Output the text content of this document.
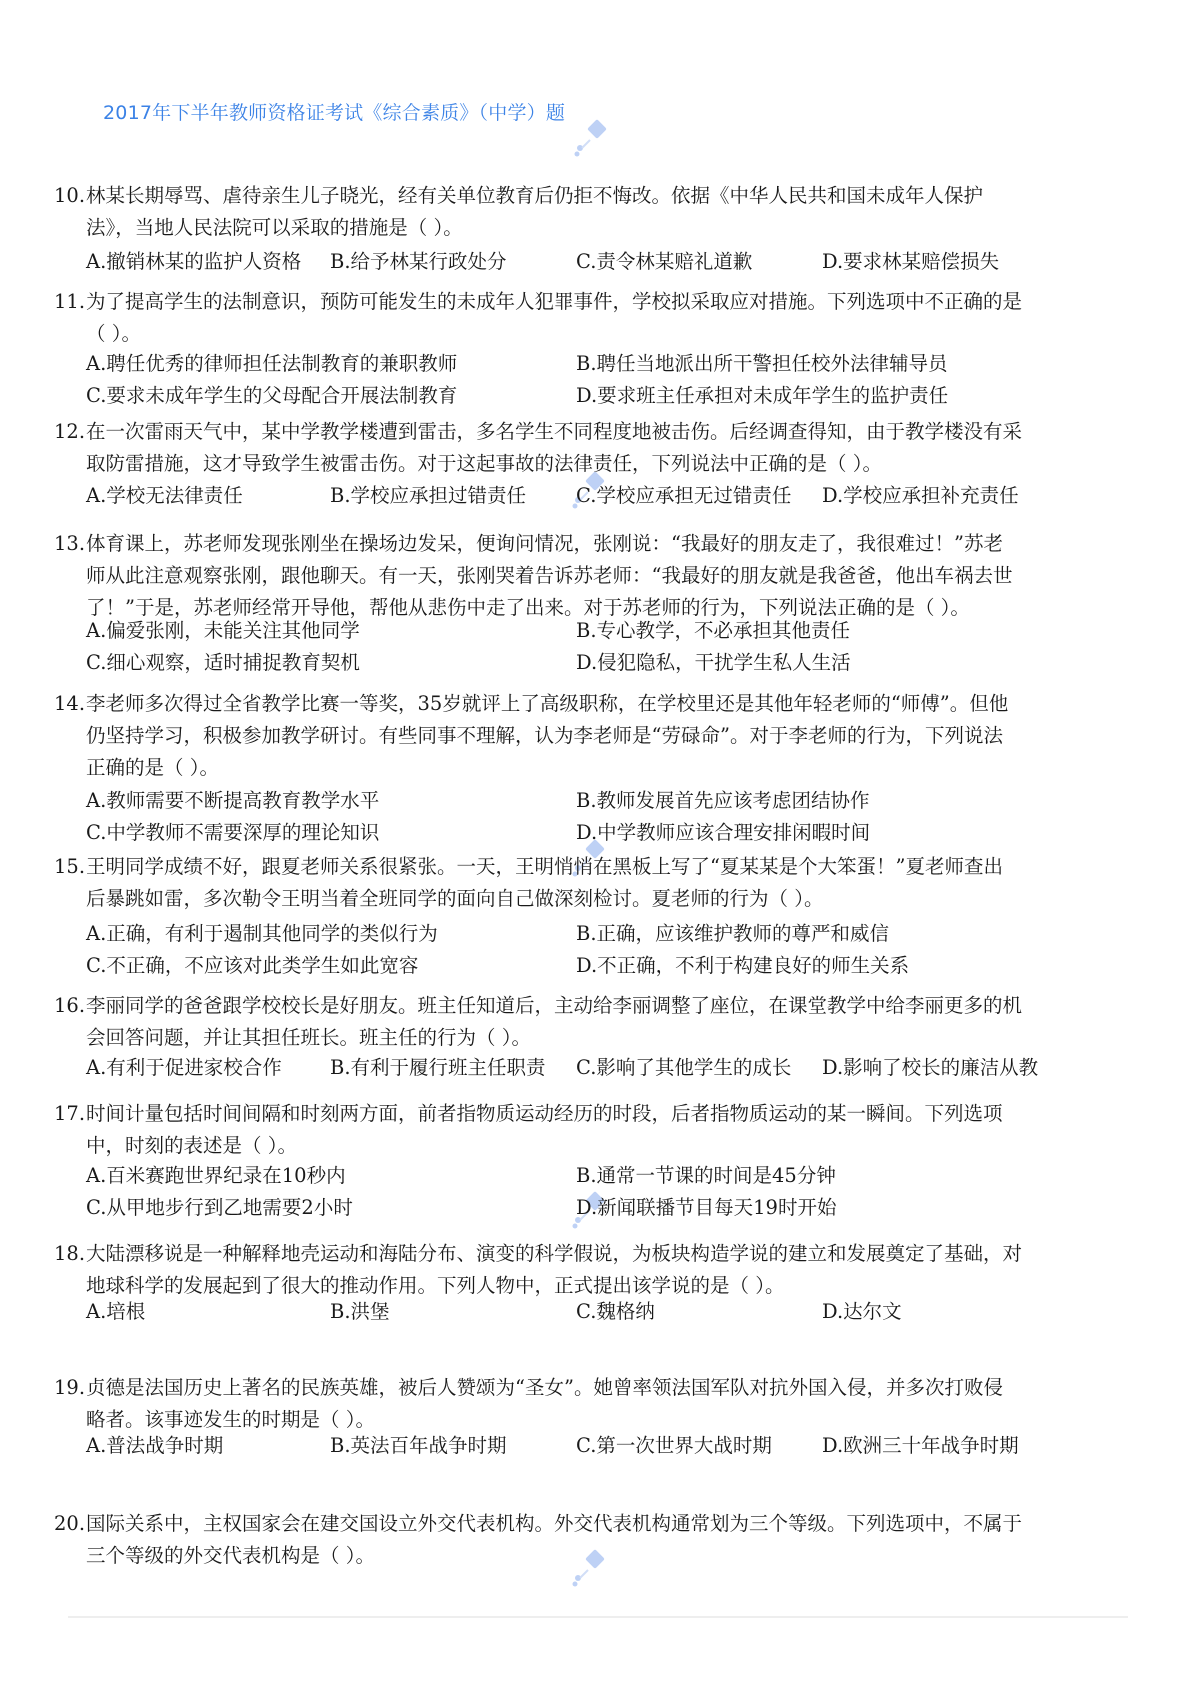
2017年下半年教师资格证考试《综合素质》（中学）题
10. 林某长期辱骂、虐待亲生儿子晓光，经有关单位教育后仍拒不悔改。依据《中华人民共和国未成年人保护
法》，当地人民法院可以采取的措施是（ ）。
A.撤销林某的监护人资格 B.给予林某行政处分	C.责令林某赔礼道歉	D.要求林某赔偿损失
11. 为了提高学生的法制意识，预防可能发生的未成年人犯罪事件，学校拟采取应对措施。下列选项中不正确的是
（ ）。
A.聘任优秀的律师担任法制教育的兼职教师	B.聘任当地派出所干警担任校外法律辅导员
C.要求未成年学生的父母配合开展法制教育	D.要求班主任承担对未成年学生的监护责任
12. 在一次雷雨天气中，某中学教学楼遭到雷击，多名学生不同程度地被击伤。后经调查得知，由于教学楼没有采
取防雷措施，这才导致学生被雷击伤。对于这起事故的法律责任，下列说法中正确的是（ ）。
A.学校无法律责任	B.学校应承担过错责任	C.学校应承担无过错责任 D.学校应承担补充责任
13. 体育课上，苏老师发现张刚坐在操场边发呆，便询问情况，张刚说：“我最好的朋友走了，我很难过！”苏老
师从此注意观察张刚，跟他聊天。有一天，张刚哭着告诉苏老师：“我最好的朋友就是我爸爸，他出车祸去世
了！”于是，苏老师经常开导他，帮他从悲伤中走了出来。对于苏老师的行为，下列说法正确的是（ ）。
A.偏爱张刚，未能关注其他同学	B.专心教学，不必承担其他责任
C.细心观察，适时捕捉教育契机	D.侵犯隐私，干扰学生私人生活
14. 李老师多次得过全省教学比赛一等奖，35岁就评上了高级职称，在学校里还是其他年轻老师的“师傅”。但他
仍坚持学习，积极参加教学研讨。有些同事不理解，认为李老师是“劳碌命”。对于李老师的行为，下列说法
正确的是（ ）。
A.教师需要不断提高教育教学水平	B.教师发展首先应该考虑团结协作
C.中学教师不需要深厚的理论知识	D.中学教师应该合理安排闲暇时间
15. 王明同学成绩不好，跟夏老师关系很紧张。一天，王明悄悄在黑板上写了“夏某某是个大笨蛋！”夏老师查出
后暴跳如雷，多次勒令王明当着全班同学的面向自己做深刻检讨。夏老师的行为（ ）。
A.正确，有利于遏制其他同学的类似行为	B.正确，应该维护教师的尊严和威信
C.不正确，不应该对此类学生如此宽容	D.不正确，不利于构建良好的师生关系
16. 李丽同学的爸爸跟学校校长是好朋友。班主任知道后，主动给李丽调整了座位，在课堂教学中给李丽更多的机
会回答问题，并让其担任班长。班主任的行为（ ）。
A.有利于促进家校合作 B.有利于履行班主任职责 C.影响了其他学生的成长 D.影响了校长的廉洁从教
17. 时间计量包括时间间隔和时刻两方面，前者指物质运动经历的时段，后者指物质运动的某一瞬间。下列选项
中，时刻的表述是（ ）。
A.百米赛跑世界纪录在10秒内	B.通常一节课的时间是45分钟
C.从甲地步行到乙地需要2小时	D.新闻联播节目每天19时开始
18. 大陆漂移说是一种解释地壳运动和海陆分布、演变的科学假说，为板块构造学说的建立和发展奠定了基础，对
地球科学的发展起到了很大的推动作用。下列人物中，正式提出该学说的是（ ）。
A.培根	B.洪堡	C.魏格纳	D.达尔文
19. 贞德是法国历史上著名的民族英雄，被后人赞颂为“圣女”。她曾率领法国军队对抗外国入侵，并多次打败侵
略者。该事迹发生的时期是（ ）。
A.普法战争时期	B.英法百年战争时期	C.第一次世界大战时期	D.欧洲三十年战争时期
20. 国际关系中，主权国家会在建交国设立外交代表机构。外交代表机构通常划为三个等级。下列选项中，不属于
三个等级的外交代表机构是（ ）。
